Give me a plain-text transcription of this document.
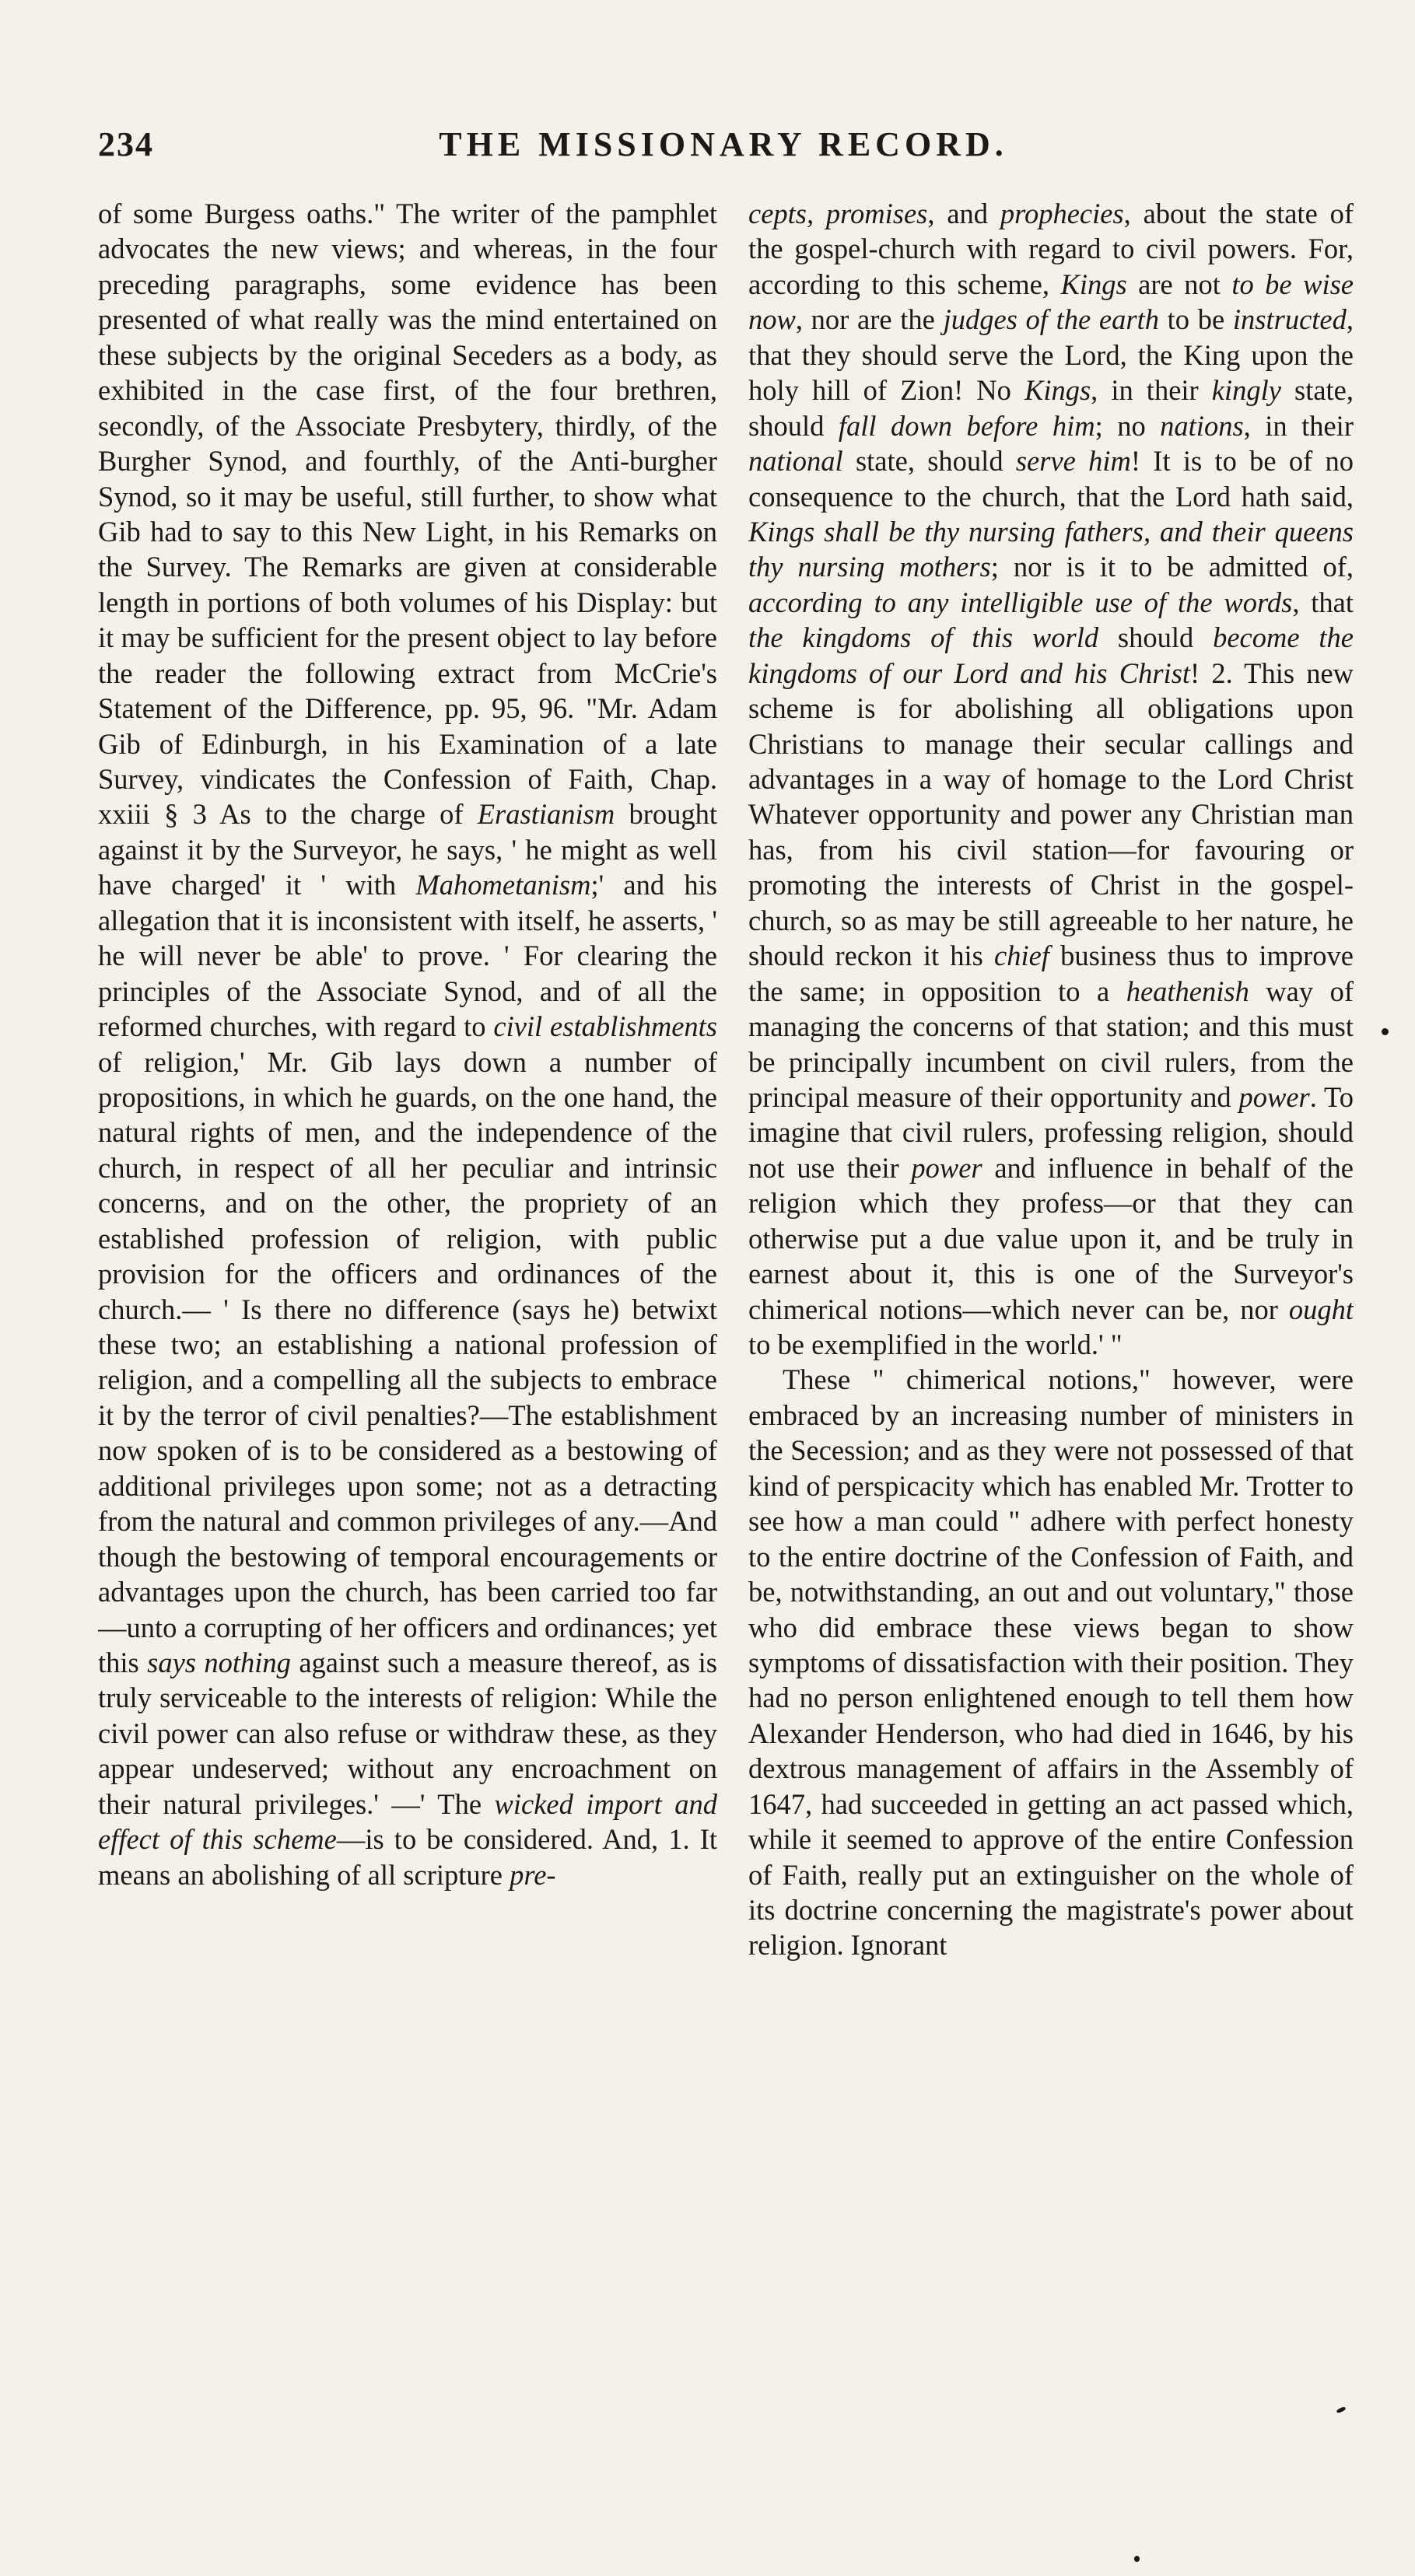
234	THE MISSIONARY RECORD.

of some Burgess oaths." The writer of the pamphlet advocates the new views; and whereas, in the four preceding paragraphs, some evidence has been presented of what really was the mind entertained on these subjects by the original Seceders as a body, as exhibited in the case first, of the four brethren, secondly, of the Associate Presbytery, thirdly, of the Burgher Synod, and fourthly, of the Anti-burgher Synod, so it may be useful, still further, to show what Gib had to say to this New Light, in his Remarks on the Survey. The Remarks are given at considerable length in portions of both volumes of his Display: but it may be sufficient for the present object to lay before the reader the following extract from McCrie's Statement of the Difference, pp. 95, 96. "Mr. Adam Gib of Edinburgh, in his Examination of a late Survey, vindicates the Confession of Faith, Chap. xxiii § 3 As to the charge of Erastianism brought against it by the Surveyor, he says, ' he might as well have charged' it ' with Mahometanism;' and his allegation that it is inconsistent with itself, he asserts, ' he will never be able' to prove. ' For clearing the principles of the Associate Synod, and of all the reformed churches, with regard to civil establishments of religion,' Mr. Gib lays down a number of propositions, in which he guards, on the one hand, the natural rights of men, and the independence of the church, in respect of all her peculiar and intrinsic concerns, and on the other, the propriety of an established profession of religion, with public provision for the officers and ordinances of the church.— ' Is there no difference (says he) betwixt these two; an establishing a national profession of religion, and a compelling all the subjects to embrace it by the terror of civil penalties?—The establishment now spoken of is to be considered as a bestowing of additional privileges upon some; not as a detracting from the natural and common privileges of any.—And though the bestowing of temporal encouragements or advantages upon the church, has been carried too far—unto a corrupting of her officers and ordinances; yet this says nothing against such a measure thereof, as is truly serviceable to the interests of religion: While the civil power can also refuse or withdraw these, as they appear undeserved; without any encroachment on their natural privileges.' —' The wicked import and effect of this scheme—is to be considered. And, 1. It means an abolishing of all scripture pre-

cepts, promises, and prophecies, about the state of the gospel-church with regard to civil powers. For, according to this scheme, Kings are not to be wise now, nor are the judges of the earth to be instructed, that they should serve the Lord, the King upon the holy hill of Zion! No Kings, in their kingly state, should fall down before him; no nations, in their national state, should serve him! It is to be of no consequence to the church, that the Lord hath said, Kings shall be thy nursing fathers, and their queens thy nursing mothers; nor is it to be admitted of, according to any intelligible use of the words, that the kingdoms of this world should become the kingdoms of our Lord and his Christ! 2. This new scheme is for abolishing all obligations upon Christians to manage their secular callings and advantages in a way of homage to the Lord Christ Whatever opportunity and power any Christian man has, from his civil station—for favouring or promoting the interests of Christ in the gospel-church, so as may be still agreeable to her nature, he should reckon it his chief business thus to improve the same; in opposition to a heathenish way of managing the concerns of that station; and this must be principally incumbent on civil rulers, from the principal measure of their opportunity and power. To imagine that civil rulers, professing religion, should not use their power and influence in behalf of the religion which they profess—or that they can otherwise put a due value upon it, and be truly in earnest about it, this is one of the Surveyor's chimerical notions—which never can be, nor ought to be exemplified in the world.' "

These " chimerical notions," however, were embraced by an increasing number of ministers in the Secession; and as they were not possessed of that kind of perspicacity which has enabled Mr. Trotter to see how a man could " adhere with perfect honesty to the entire doctrine of the Confession of Faith, and be, notwithstanding, an out and out voluntary," those who did embrace these views began to show symptoms of dissatisfaction with their position. They had no person enlightened enough to tell them how Alexander Henderson, who had died in 1646, by his dextrous management of affairs in the Assembly of 1647, had succeeded in getting an act passed which, while it seemed to approve of the entire Confession of Faith, really put an extinguisher on the whole of its doctrine concerning the magistrate's power about religion. Ignorant
